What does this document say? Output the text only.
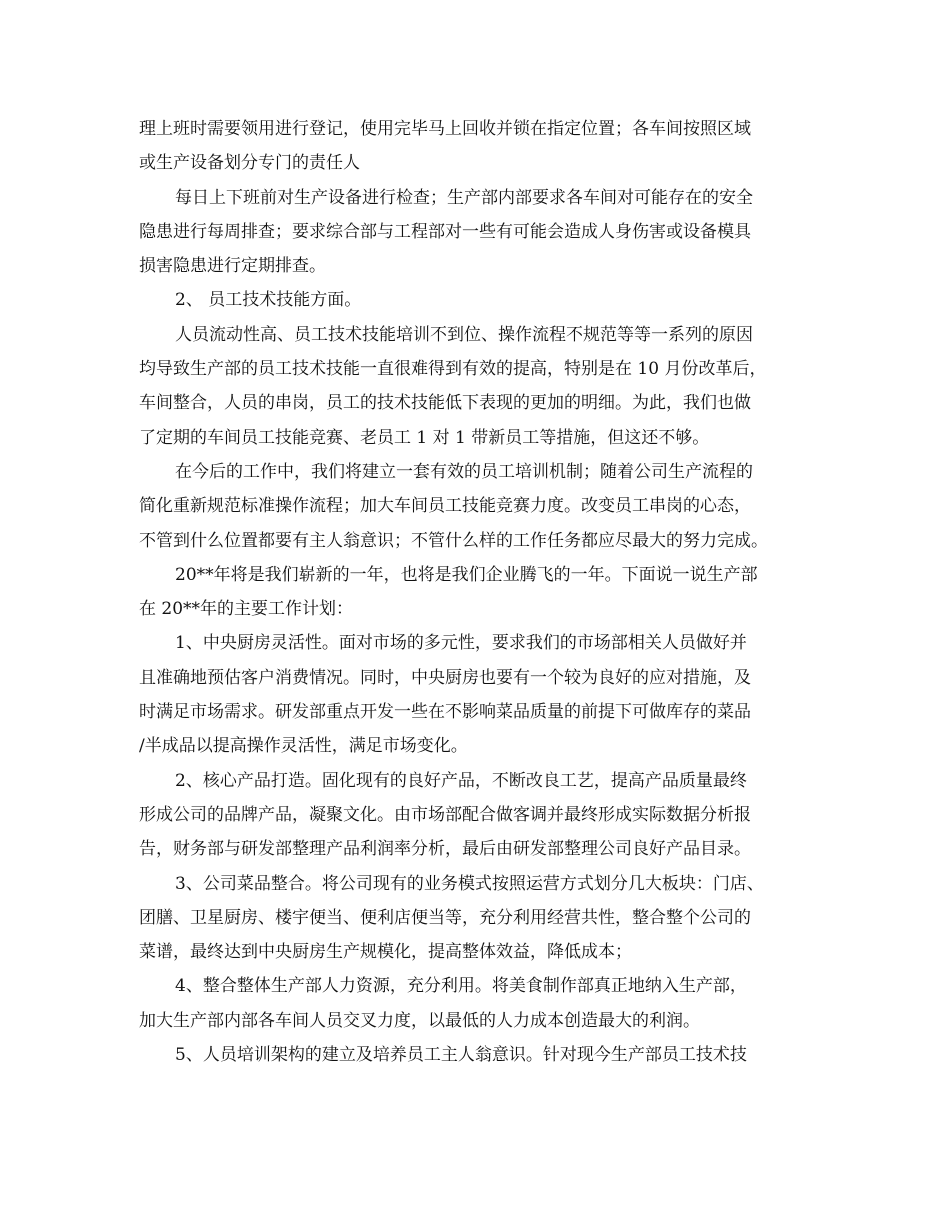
理上班时需要领用进行登记，使用完毕马上回收并锁在指定位置；各车间按照区域
或生产设备划分专门的责任人
每日上下班前对生产设备进行检查；生产部内部要求各车间对可能存在的安全
隐患进行每周排查；要求综合部与工程部对一些有可能会造成人身伤害或设备模具
损害隐患进行定期排查。
2、 员工技术技能方面。
人员流动性高、员工技术技能培训不到位、操作流程不规范等等一系列的原因
均导致生产部的员工技术技能一直很难得到有效的提高，特别是在 10 月份改革后，
车间整合，人员的串岗，员工的技术技能低下表现的更加的明细。为此，我们也做
了定期的车间员工技能竞赛、老员工 1 对 1 带新员工等措施，但这还不够。
在今后的工作中，我们将建立一套有效的员工培训机制；随着公司生产流程的
简化重新规范标准操作流程；加大车间员工技能竞赛力度。改变员工串岗的心态，
不管到什么位置都要有主人翁意识；不管什么样的工作任务都应尽最大的努力完成。
20**年将是我们崭新的一年，也将是我们企业腾飞的一年。下面说一说生产部
在 20**年的主要工作计划：
1、中央厨房灵活性。面对市场的多元性，要求我们的市场部相关人员做好并
且准确地预估客户消费情况。同时，中央厨房也要有一个较为良好的应对措施，及
时满足市场需求。研发部重点开发一些在不影响菜品质量的前提下可做库存的菜品
/半成品以提高操作灵活性，满足市场变化。
2、核心产品打造。固化现有的良好产品，不断改良工艺，提高产品质量最终
形成公司的品牌产品，凝聚文化。由市场部配合做客调并最终形成实际数据分析报
告，财务部与研发部整理产品利润率分析，最后由研发部整理公司良好产品目录。
3、公司菜品整合。将公司现有的业务模式按照运营方式划分几大板块：门店、
团膳、卫星厨房、楼宇便当、便利店便当等，充分利用经营共性，整合整个公司的
菜谱，最终达到中央厨房生产规模化，提高整体效益，降低成本；
4、整合整体生产部人力资源，充分利用。将美食制作部真正地纳入生产部，
加大生产部内部各车间人员交叉力度，以最低的人力成本创造最大的利润。
5、人员培训架构的建立及培养员工主人翁意识。针对现今生产部员工技术技
